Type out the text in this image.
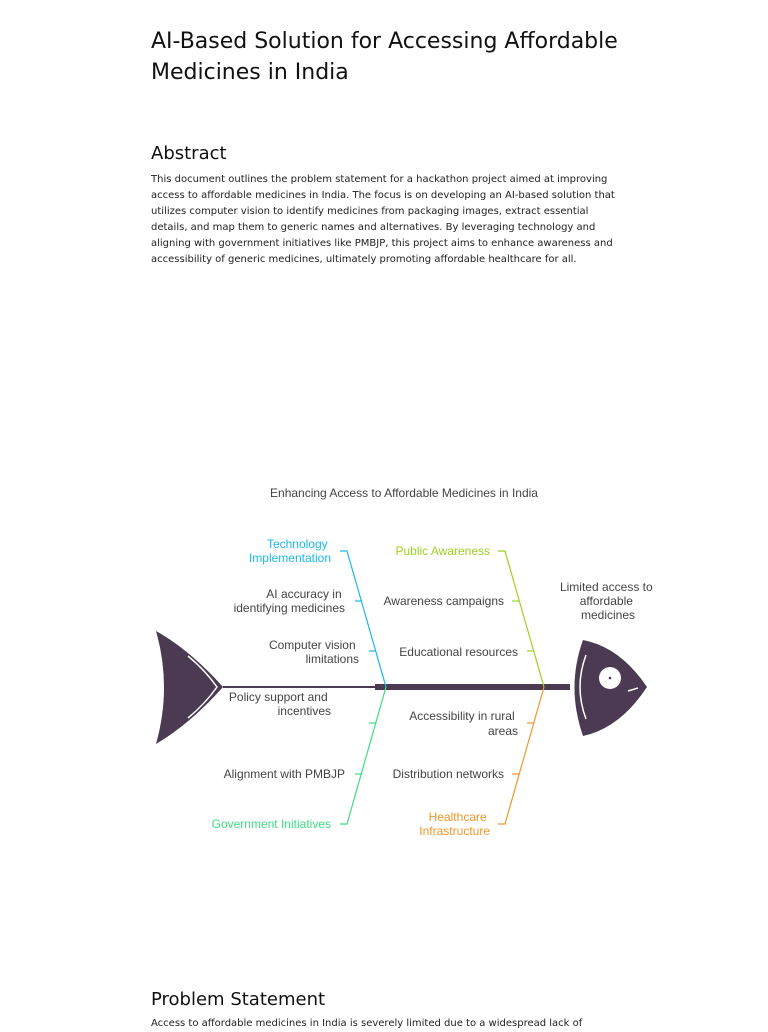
AI-Based Solution for Accessing Affordable Medicines in India
Abstract

This document outlines the problem statement for a hackathon project aimed at improving access to affordable medicines in India. The focus is on developing an AI-based solution that utilizes computer vision to identify medicines from packaging images, extract essential details, and map them to generic names and alternatives. By leveraging technology and aligning with government initiatives like PMBJP, this project aims to enhance awareness and accessibility of generic medicines, ultimately promoting affordable healthcare for all.

Enhancing Access to Affordable Medicines in India
Limited access to affordable medicines
Technology Implementation
AI accuracy in identifying medicines
Computer vision limitations
Public Awareness
Awareness campaigns
Educational resources
Government Initiatives
Policy support and incentives
Alignment with PMBJP
Healthcare Infrastructure
Accessibility in rural areas
Distribution networks
Problem Statement

Access to affordable medicines in India is severely limited due to a widespread lack of
